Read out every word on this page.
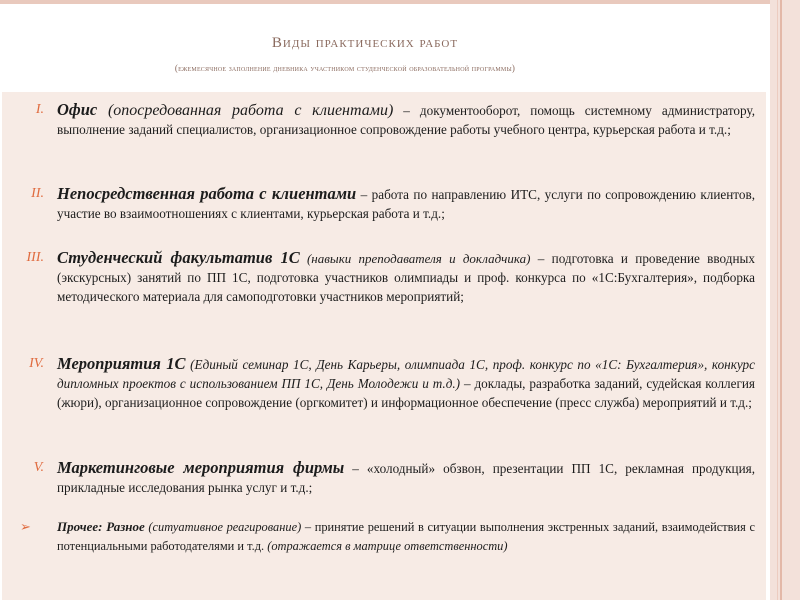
Виды практических работ
(ежемесячное заполнение дневника участником студенческой образовательной программы)
I. Офис (опосредованная работа с клиентами) – документооборот, помощь системному администратору, выполнение заданий специалистов, организационное сопровождение работы учебного центра, курьерская работа и т.д.;
II. Непосредственная работа с клиентами – работа по направлению ИТС, услуги по сопровождению клиентов, участие во взаимоотношениях с клиентами, курьерская работа и т.д.;
III. Студенческий факультатив 1С (навыки преподавателя и докладчика) – подготовка и проведение вводных (экскурсных) занятий по ПП 1С, подготовка участников олимпиады и проф. конкурса по «1С:Бухгалтерия», подборка методического материала для самоподготовки участников мероприятий;
IV. Мероприятия 1С (Единый семинар 1С, День Карьеры, олимпиада 1С, проф. конкурс по «1С: Бухгалтерия», конкурс дипломных проектов с использованием ПП 1С, День Молодежи и т.д.) – доклады, разработка заданий, судейская коллегия (жюри), организационное сопровождение (оргкомитет) и информационное обеспечение (пресс служба) мероприятий и т.д.;
V. Маркетинговые мероприятия фирмы – «холодный» обзвон, презентации ПП 1С, рекламная продукция, прикладные исследования рынка услуг и т.д.;
➢	Прочее: Разное (ситуативное реагирование) – принятие решений в ситуации выполнения экстренных заданий, взаимодействия с потенциальными работодателями и т.д. (отражается в матрице ответственности)
